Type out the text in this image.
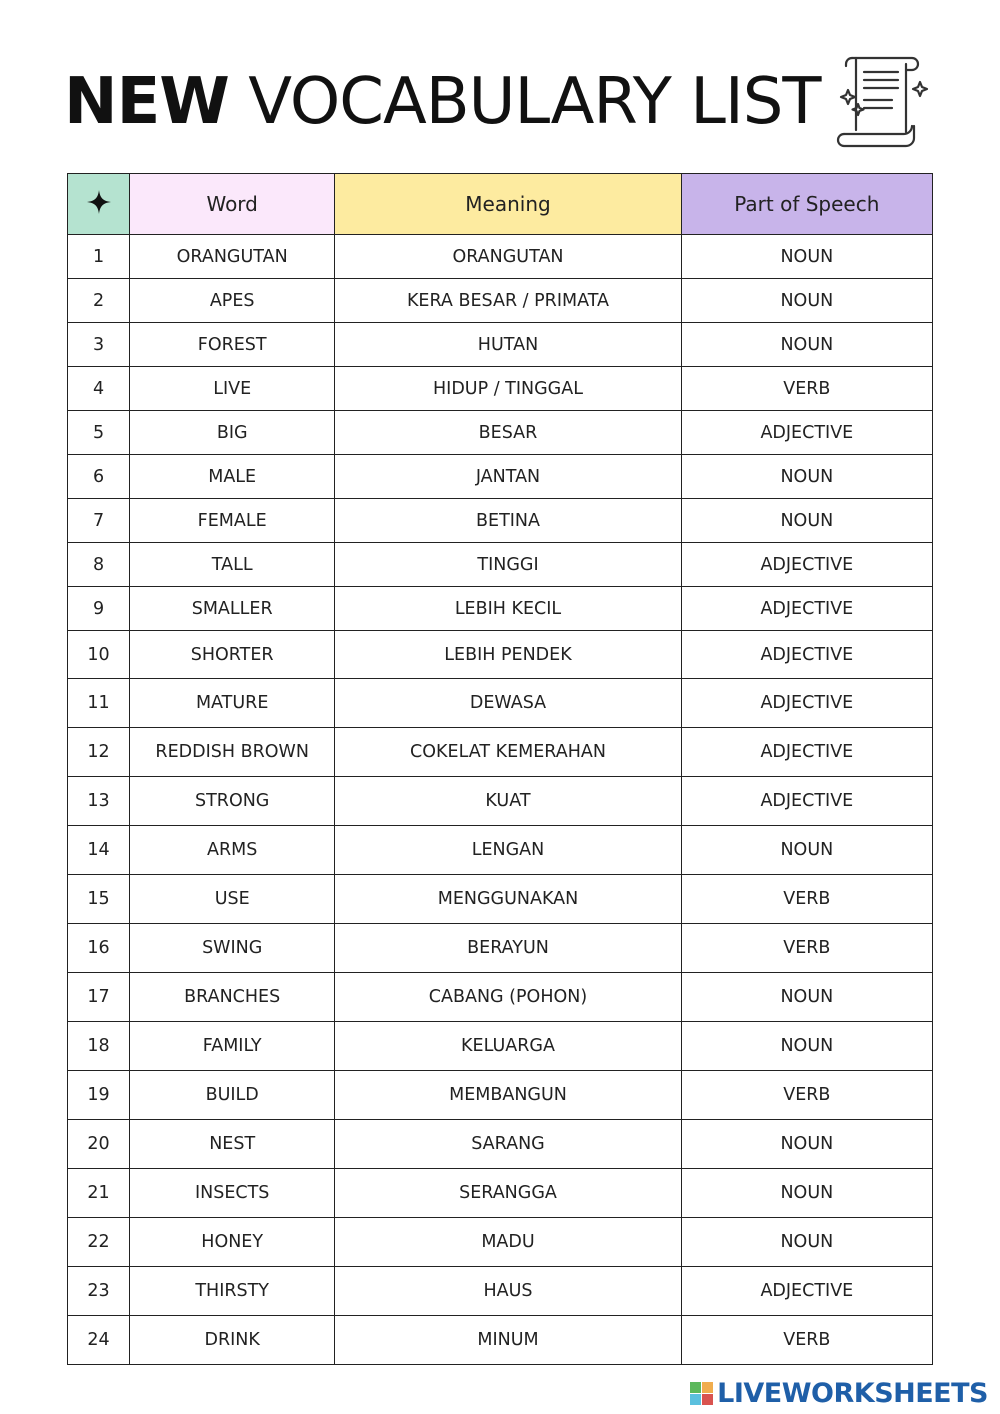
NEW VOCABULARY LIST
	Word	Meaning	Part of Speech
1	ORANGUTAN	ORANGUTAN	NOUN
2	APES	KERA BESAR / PRIMATA	NOUN
3	FOREST	HUTAN	NOUN
4	LIVE	HIDUP / TINGGAL	VERB
5	BIG	BESAR	ADJECTIVE
6	MALE	JANTAN	NOUN
7	FEMALE	BETINA	NOUN
8	TALL	TINGGI	ADJECTIVE
9	SMALLER	LEBIH KECIL	ADJECTIVE
10	SHORTER	LEBIH PENDEK	ADJECTIVE
11	MATURE	DEWASA	ADJECTIVE
12	REDDISH BROWN	COKELAT KEMERAHAN	ADJECTIVE
13	STRONG	KUAT	ADJECTIVE
14	ARMS	LENGAN	NOUN
15	USE	MENGGUNAKAN	VERB
16	SWING	BERAYUN	VERB
17	BRANCHES	CABANG (POHON)	NOUN
18	FAMILY	KELUARGA	NOUN
19	BUILD	MEMBANGUN	VERB
20	NEST	SARANG	NOUN
21	INSECTS	SERANGGA	NOUN
22	HONEY	MADU	NOUN
23	THIRSTY	HAUS	ADJECTIVE
24	DRINK	MINUM	VERB
LIVEWORKSHEETS
